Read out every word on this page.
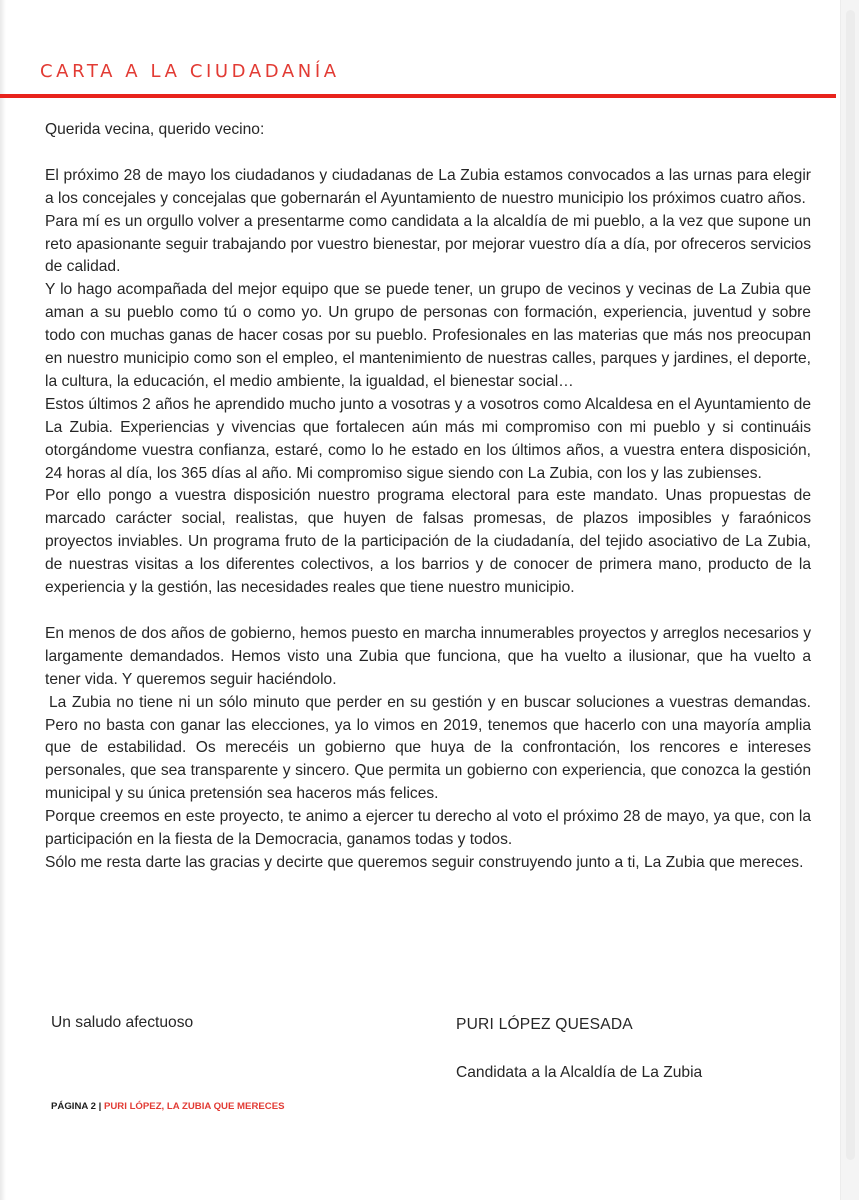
CARTA A LA CIUDADANÍA

Querida vecina, querido vecino:

El próximo 28 de mayo los ciudadanos y ciudadanas de La Zubia estamos convocados a las urnas para elegir a los concejales y concejalas que gobernarán el Ayuntamiento de nuestro municipio los próximos cuatro años.

Para mí es un orgullo volver a presentarme como candidata a la alcaldía de mi pueblo, a la vez que supone un reto apasionante seguir trabajando por vuestro bienestar, por mejorar vuestro día a día, por ofreceros servicios de calidad.

Y lo hago acompañada del mejor equipo que se puede tener, un grupo de vecinos y vecinas de La Zubia que aman a su pueblo como tú o como yo. Un grupo de personas con formación, experiencia, juventud y sobre todo con muchas ganas de hacer cosas por su pueblo. Profesionales en las materias que más nos preocupan en nuestro municipio como son el empleo, el mantenimiento de nuestras calles, parques y jardines, el deporte, la cultura, la educación, el medio ambiente, la igualdad, el bienestar social…

Estos últimos 2 años he aprendido mucho junto a vosotras y a vosotros como Alcaldesa en el Ayuntamiento de La Zubia. Experiencias y vivencias que fortalecen aún más mi compromiso con mi pueblo y si continuáis otorgándome vuestra confianza, estaré, como lo he estado en los últimos años, a vuestra entera disposición, 24 horas al día, los 365 días al año. Mi compromiso sigue siendo con La Zubia, con los y las zubienses.

Por ello pongo a vuestra disposición nuestro programa electoral para este mandato. Unas propuestas de marcado carácter social, realistas, que huyen de falsas promesas, de plazos imposibles y faraónicos proyectos inviables. Un programa fruto de la participación de la ciudadanía, del tejido asociativo de La Zubia, de nuestras visitas a los diferentes colectivos, a los barrios y de conocer de primera mano, producto de la experiencia y la gestión, las necesidades reales que tiene nuestro municipio.

En menos de dos años de gobierno, hemos puesto en marcha innumerables proyectos y arreglos necesarios y largamente demandados. Hemos visto una Zubia que funciona, que ha vuelto a ilusionar, que ha vuelto a tener vida. Y queremos seguir haciéndolo.

La Zubia no tiene ni un sólo minuto que perder en su gestión y en buscar soluciones a vuestras demandas. Pero no basta con ganar las elecciones, ya lo vimos en 2019, tenemos que hacerlo con una mayoría amplia que de estabilidad. Os merecéis un gobierno que huya de la confrontación, los rencores e intereses personales, que sea transparente y sincero. Que permita un gobierno con experiencia, que conozca la gestión municipal y su única pretensión sea haceros más felices.

Porque creemos en este proyecto, te animo a ejercer tu derecho al voto el próximo 28 de mayo, ya que, con la participación en la fiesta de la Democracia, ganamos todas y todos.

Sólo me resta darte las gracias y decirte que queremos seguir construyendo junto a ti, La Zubia que mereces.

Un saludo afectuoso	PURI LÓPEZ QUESADA
Candidata a la Alcaldía de La Zubia
PÁGINA 2 | PURI LÓPEZ, LA ZUBIA QUE MERECES
